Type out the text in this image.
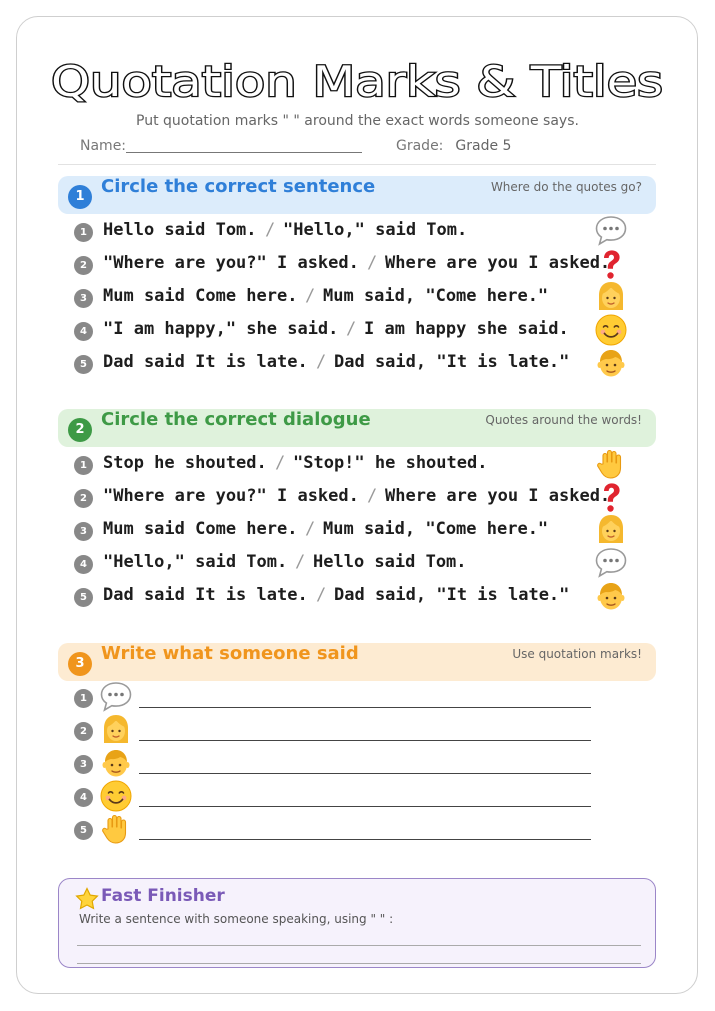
Quotation Marks & Titles
Put quotation marks " " around the exact words someone says.
Name:	Grade: Grade 5
1 Circle the correct sentence	Where do the quotes go?
1 Hello said Tom. / "Hello," said Tom.
2 "Where are you?" I asked. / Where are you I asked.
3 Mum said Come here. / Mum said, "Come here."
4 "I am happy," she said. / I am happy she said.
5 Dad said It is late. / Dad said, "It is late."
2 Circle the correct dialogue	Quotes around the words!
1 Stop he shouted. / "Stop!" he shouted.
2 "Where are you?" I asked. / Where are you I asked.
3 Mum said Come here. / Mum said, "Come here."
4 "Hello," said Tom. / Hello said Tom.
5 Dad said It is late. / Dad said, "It is late."
3 Write what someone said	Use quotation marks!
1
2
3
4
5
Fast Finisher
Write a sentence with someone speaking, using " " :
